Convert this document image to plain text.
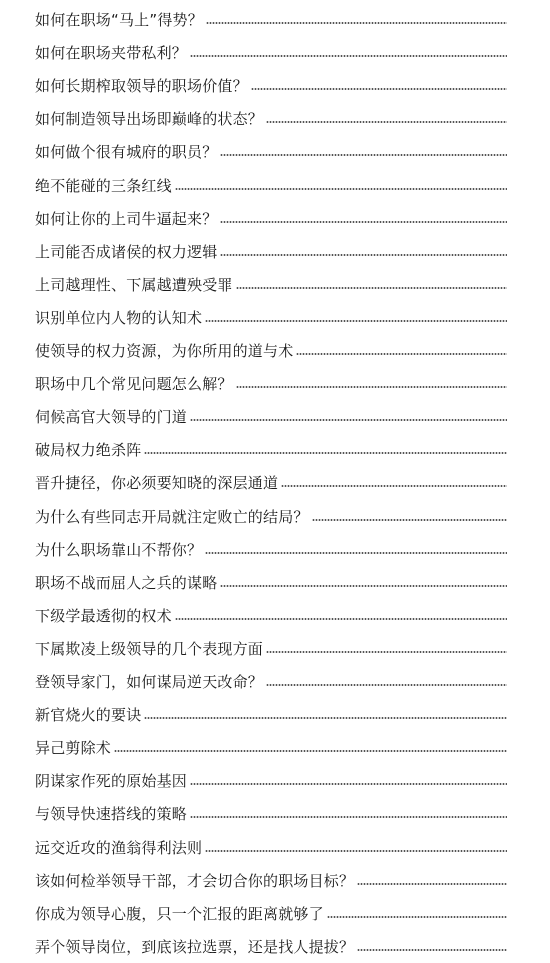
如何在职场“马上”得势？
如何在职场夹带私利？
如何长期榨取领导的职场价值？
如何制造领导出场即巅峰的状态？
如何做个很有城府的职员？
绝不能碰的三条红线
如何让你的上司牛逼起来？
上司能否成诸侯的权力逻辑
上司越理性、下属越遭殃受罪
识别单位内人物的认知术
使领导的权力资源，为你所用的道与术
职场中几个常见问题怎么解？
伺候高官大领导的门道
破局权力绝杀阵
晋升捷径，你必须要知晓的深层通道
为什么有些同志开局就注定败亡的结局？
为什么职场靠山不帮你？
职场不战而屈人之兵的谋略
下级学最透彻的权术
下属欺凌上级领导的几个表现方面
登领导家门，如何谋局逆天改命？
新官烧火的要诀
异己剪除术
阴谋家作死的原始基因
与领导快速搭线的策略
远交近攻的渔翁得利法则
该如何检举领导干部，才会切合你的职场目标？
你成为领导心腹，只一个汇报的距离就够了
弄个领导岗位，到底该拉选票，还是找人提拔？
